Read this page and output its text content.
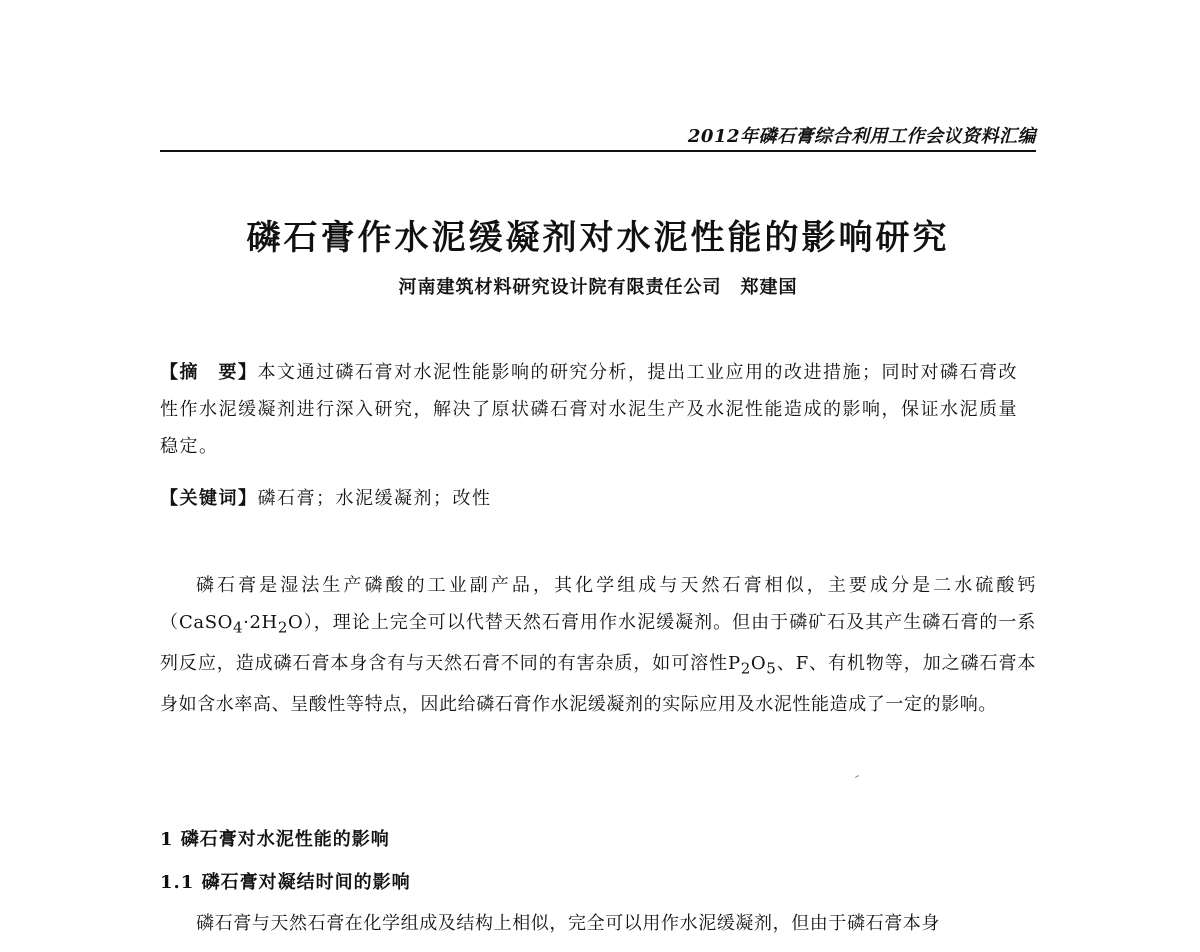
2012年磷石膏综合利用工作会议资料汇编
磷石膏作水泥缓凝剂对水泥性能的影响研究
河南建筑材料研究设计院有限责任公司　郑建国
【摘　要】本文通过磷石膏对水泥性能影响的研究分析，提出工业应用的改进措施；同时对磷石膏改性作水泥缓凝剂进行深入研究，解决了原状磷石膏对水泥生产及水泥性能造成的影响，保证水泥质量稳定。
【关键词】磷石膏；水泥缓凝剂；改性
磷石膏是湿法生产磷酸的工业副产品，其化学组成与天然石膏相似，主要成分是二水硫酸钙$(CaSO_4\cdot 2H_2O)$，理论上完全可以代替天然石膏用作水泥缓凝剂。但由于磷矿石及其产生磷石膏的一系列反应，造成磷石膏本身含有与天然石膏不同的有害杂质，如可溶性$P_2O_5$、F、有机物等，加之磷石膏本身如含水率高、呈酸性等特点，因此给磷石膏作水泥缓凝剂的实际应用及水泥性能造成了一定的影响。
1 磷石膏对水泥性能的影响
1.1 磷石膏对凝结时间的影响
磷石膏与天然石膏在化学组成及结构上相似，完全可以用作水泥缓凝剂，但由于磷石膏本身
